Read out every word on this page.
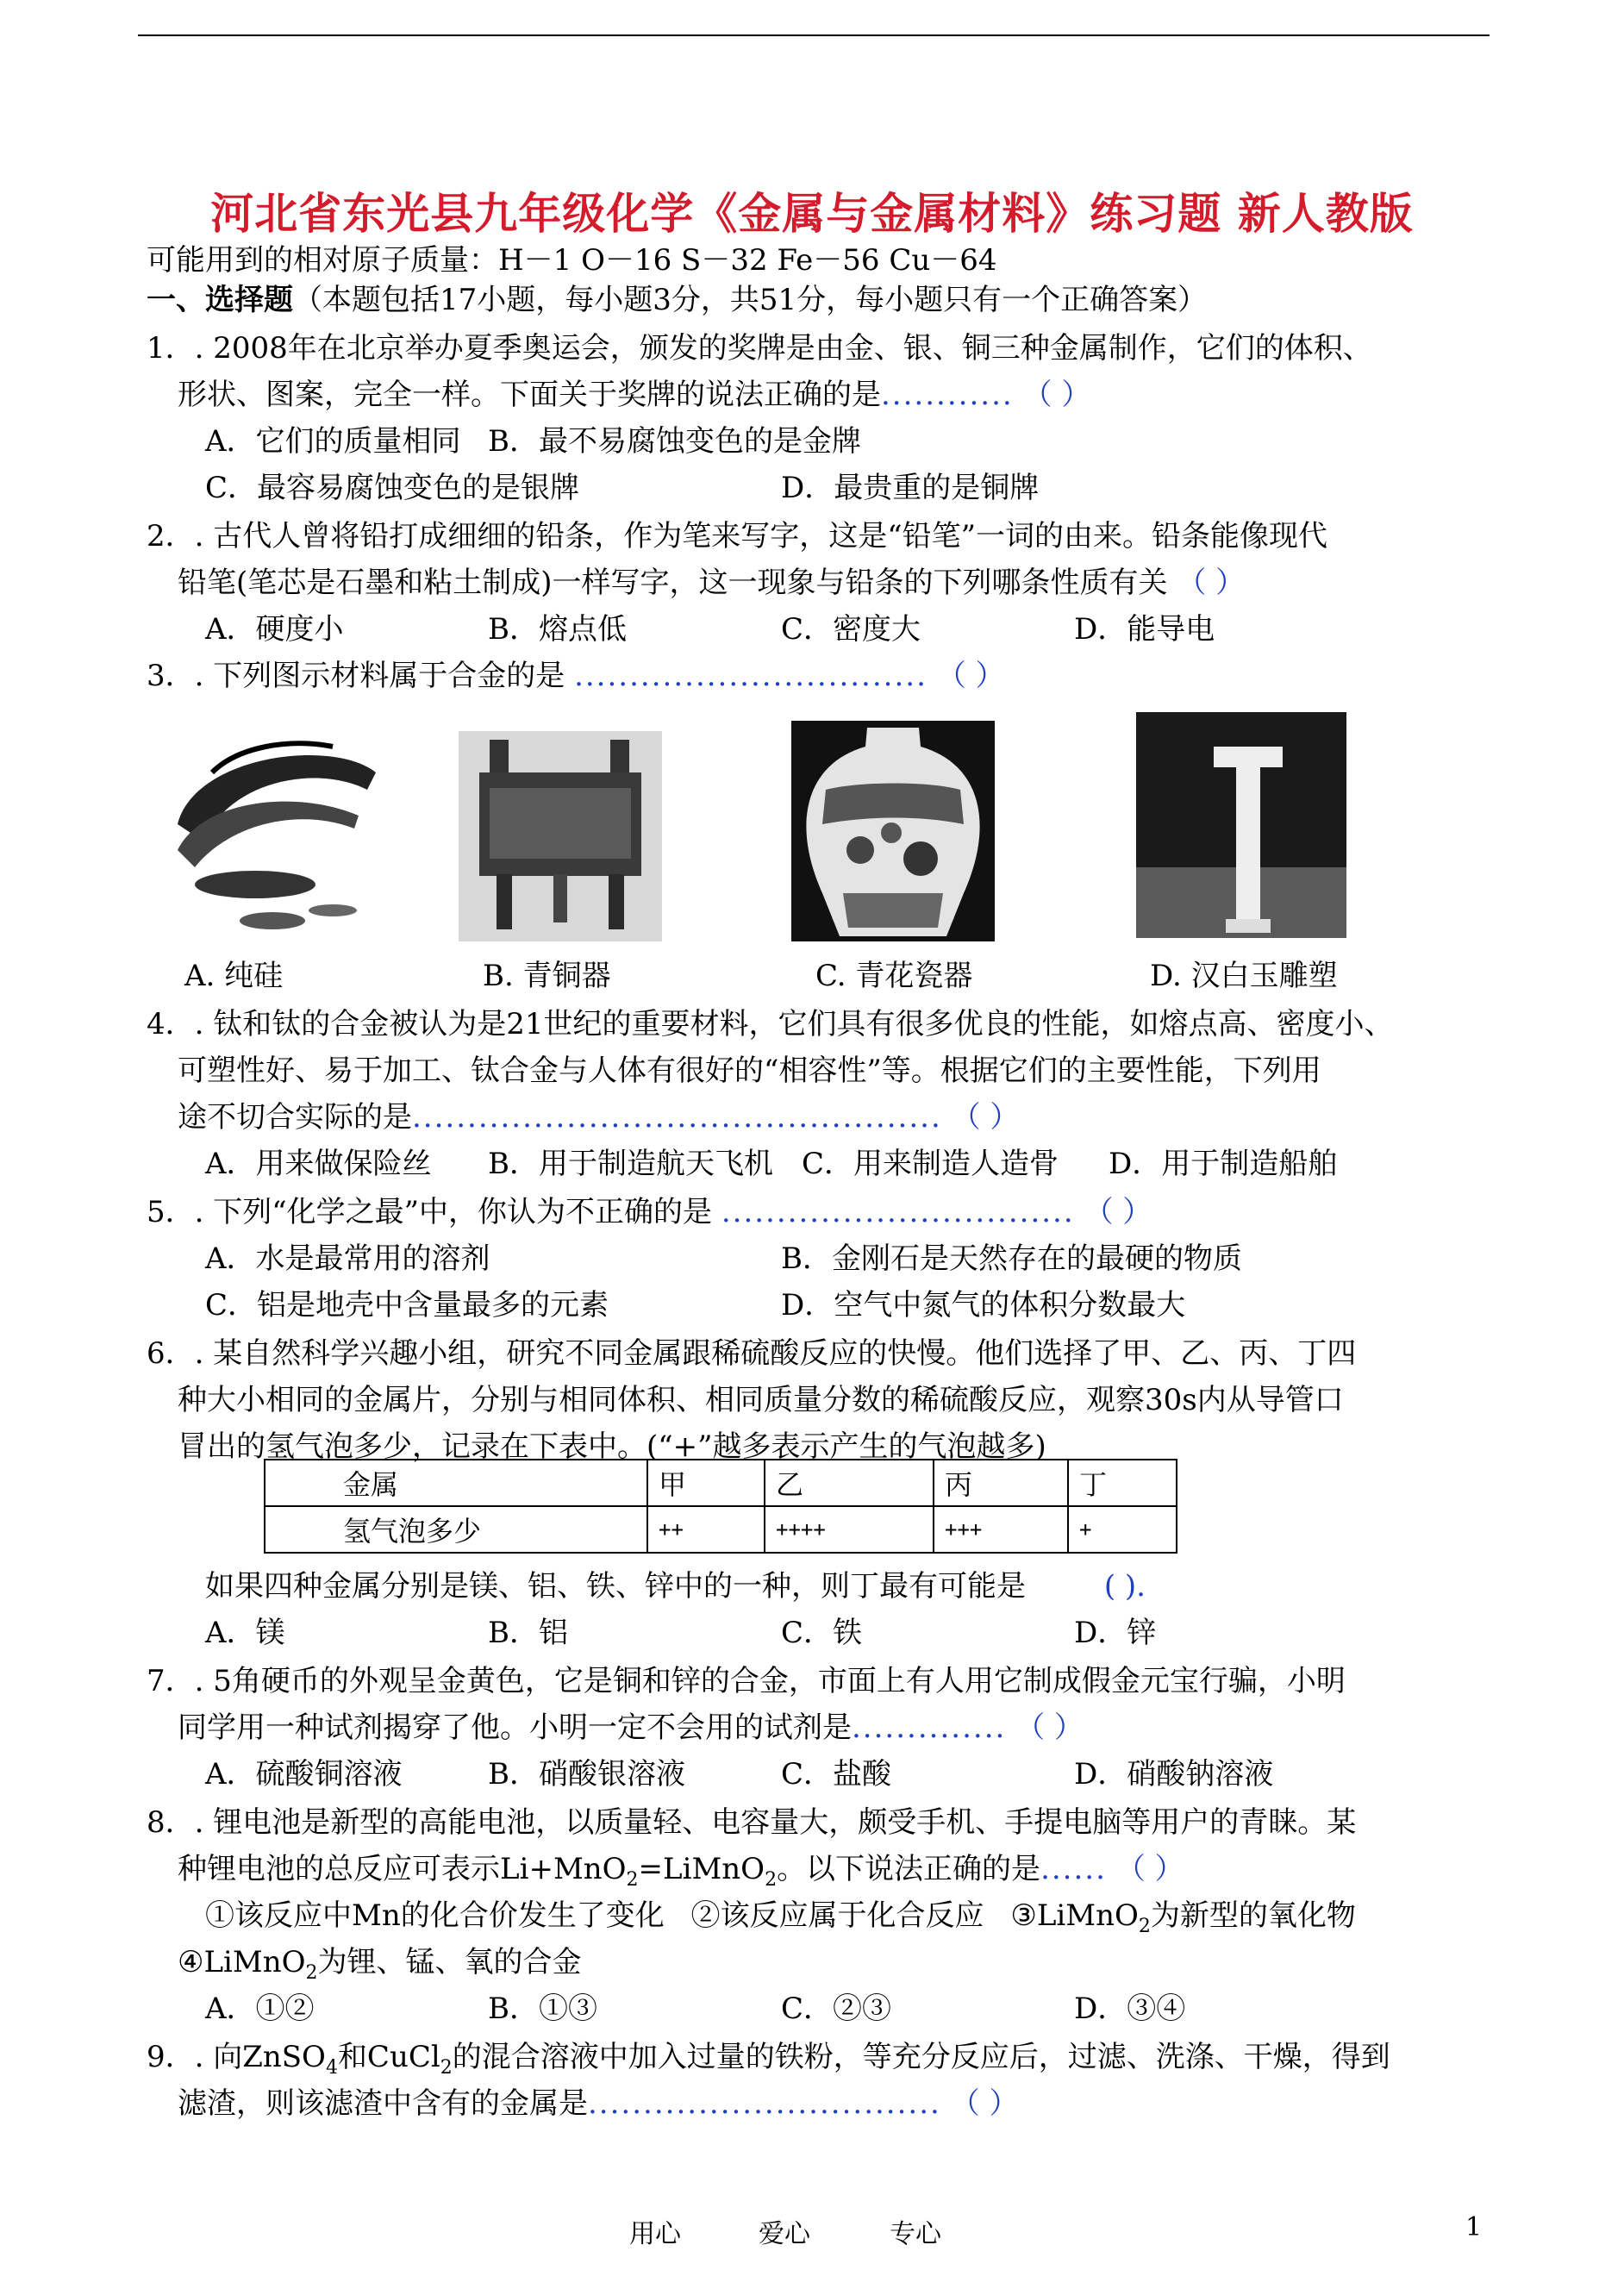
河北省东光县九年级化学《金属与金属材料》练习题 新人教版
可能用到的相对原子质量：H－1 O－16 S－32 Fe－56 Cu－64
一、选择题（本题包括17小题，每小题3分，共51分，每小题只有一个正确答案）
1．. 2008年在北京举办夏季奥运会，颁发的奖牌是由金、银、铜三种金属制作，它们的体积、
形状、图案，完全一样。下面关于奖牌的说法正确的是............ （ ）
A．它们的质量相同 B．最不易腐蚀变色的是金牌
C．最容易腐蚀变色的是银牌	D．最贵重的是铜牌
2．. 古代人曾将铅打成细细的铅条，作为笔来写字，这是“铅笔”一词的由来。铅条能像现代
铅笔(笔芯是石墨和粘土制成)一样写字，这一现象与铅条的下列哪条性质有关 （ ）
A．硬度小	B．熔点低	C．密度大	D．能导电
3．. 下列图示材料属于合金的是 ................................ （ ）
A. 纯硅	B. 青铜器	C. 青花瓷器	D. 汉白玉雕塑
4．. 钛和钛的合金被认为是21世纪的重要材料，它们具有很多优良的性能，如熔点高、密度小、
可塑性好、易于加工、钛合金与人体有很好的“相容性”等。根据它们的主要性能，下列用
途不切合实际的是................................................ （ ）
A．用来做保险丝 B．用于制造航天飞机 C．用来制造人造骨 D．用于制造船舶
5．. 下列“化学之最”中，你认为不正确的是 ................................ （ ）
A．水是最常用的溶剂	B．金刚石是天然存在的最硬的物质
C．铝是地壳中含量最多的元素	D．空气中氮气的体积分数最大
6．. 某自然科学兴趣小组，研究不同金属跟稀硫酸反应的快慢。他们选择了甲、乙、丙、丁四
种大小相同的金属片，分别与相同体积、相同质量分数的稀硫酸反应，观察30s内从导管口
冒出的氢气泡多少，记录在下表中。(“+”越多表示产生的气泡越多)
金属	甲	乙	丙	丁
氢气泡多少	++	++++	+++	+
如果四种金属分别是镁、铝、铁、锌中的一种，则丁最有可能是	( ).
A．镁	B．铝	C．铁	D．锌
7．. 5角硬币的外观呈金黄色，它是铜和锌的合金，市面上有人用它制成假金元宝行骗，小明
同学用一种试剂揭穿了他。小明一定不会用的试剂是.............. （ ）
A．硫酸铜溶液	B．硝酸银溶液	C．盐酸	D．硝酸钠溶液
8．. 锂电池是新型的高能电池，以质量轻、电容量大，颇受手机、手提电脑等用户的青睐。某
种锂电池的总反应可表示Li+MnO$_2$=LiMnO$_2$。以下说法正确的是...... （ ）
①该反应中Mn的化合价发生了变化 ②该反应属于化合反应 ③LiMnO$_2$为新型的氧化物
④LiMnO$_2$为锂、锰、氧的合金
A．①②	B．①③	C．②③	D．③④
9．. 向ZnSO$_4$和CuCl$_2$的混合溶液中加入过量的铁粉，等充分反应后，过滤、洗涤、干燥，得到
滤渣，则该滤渣中含有的金属是................................ （ ）
用心	爱心	专心	1
